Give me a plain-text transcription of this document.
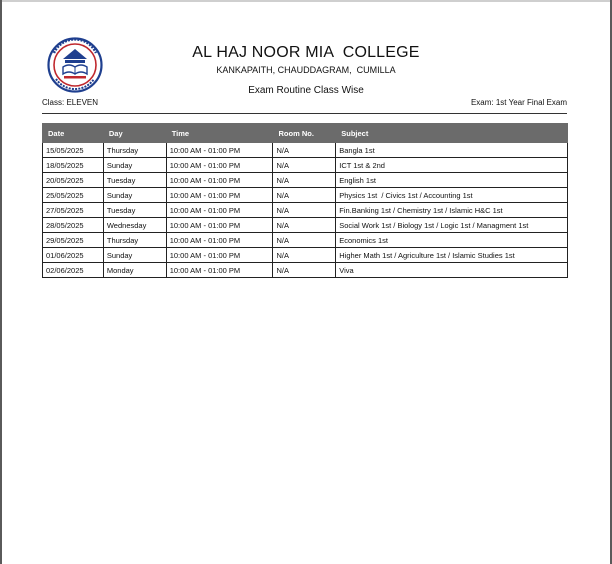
AL HAJ NOOR MIA  COLLEGE
KANKAPAITH, CHAUDDAGRAM,  CUMILLA
Exam Routine Class Wise
Class: ELEVEN	Exam: 1st Year Final Exam
Date	Day	Time	Room No.	Subject
15/05/2025	Thursday	10:00 AM - 01:00 PM	N/A	Bangla 1st
18/05/2025	Sunday	10:00 AM - 01:00 PM	N/A	ICT 1st & 2nd
20/05/2025	Tuesday	10:00 AM - 01:00 PM	N/A	English 1st
25/05/2025	Sunday	10:00 AM - 01:00 PM	N/A	Physics 1st  / Civics 1st / Accounting 1st
27/05/2025	Tuesday	10:00 AM - 01:00 PM	N/A	Fin.Banking 1st / Chemistry 1st / Islamic H&C 1st
28/05/2025	Wednesday	10:00 AM - 01:00 PM	N/A	Social Work 1st / Biology 1st / Logic 1st / Managment 1st
29/05/2025	Thursday	10:00 AM - 01:00 PM	N/A	Economics 1st
01/06/2025	Sunday	10:00 AM - 01:00 PM	N/A	Higher Math 1st / Agriculture 1st / Islamic Studies 1st
02/06/2025	Monday	10:00 AM - 01:00 PM	N/A	Viva
